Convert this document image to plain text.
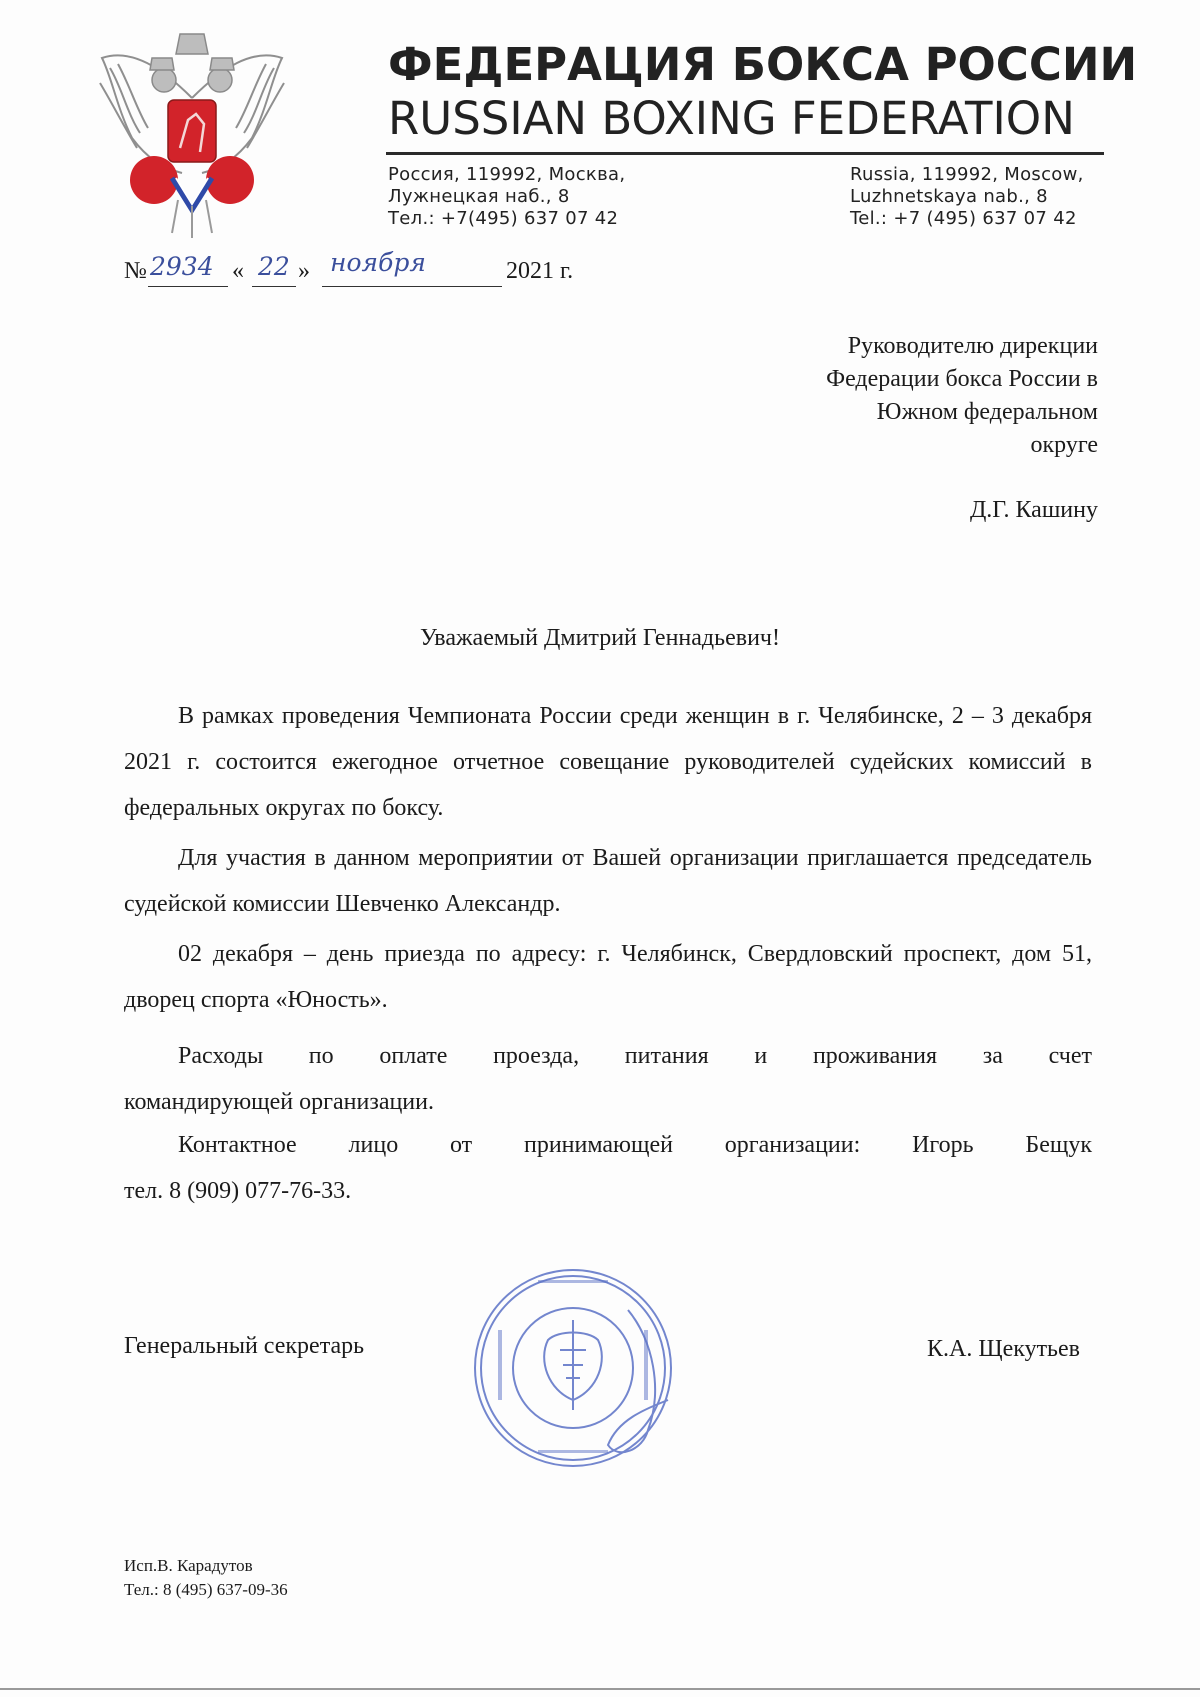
ФЕДЕРАЦИЯ БОКСА РОССИИ
RUSSIAN BOXING FEDERATION
Россия, 119992, Москва,
Лужнецкая наб., 8
Тел.: +7(495) 637 07 42
Russia, 119992, Moscow,
Luzhnetskaya nab., 8
Tel.: +7 (495) 637 07 42
№ 2934 « 22 » ноября	2021 г.
Руководителю дирекции
Федерации бокса России в
Южном федеральном
округе
Д.Г. Кашину
Уважаемый Дмитрий Геннадьевич!

В рамках проведения Чемпионата России среди женщин в г. Челябинске, 2 – 3 декабря 2021 г. состоится ежегодное отчетное совещание руководителей судейских комиссий в федеральных округах по боксу.

Для участия в данном мероприятии от Вашей организации приглашается председатель судейской комиссии Шевченко Александр.

02 декабря – день приезда по адресу: г. Челябинск, Свердловский проспект, дом 51, дворец спорта «Юность».

Расходы по оплате проезда, питания и проживания за счет

командирующей организации.

Контактное лицо от принимающей организации: Игорь Бещук

тел. 8 (909) 077-76-33.

Генеральный секретарь	К.А. Щекутьев
Исп.В. Карадутов
Тел.: 8 (495) 637-09-36
